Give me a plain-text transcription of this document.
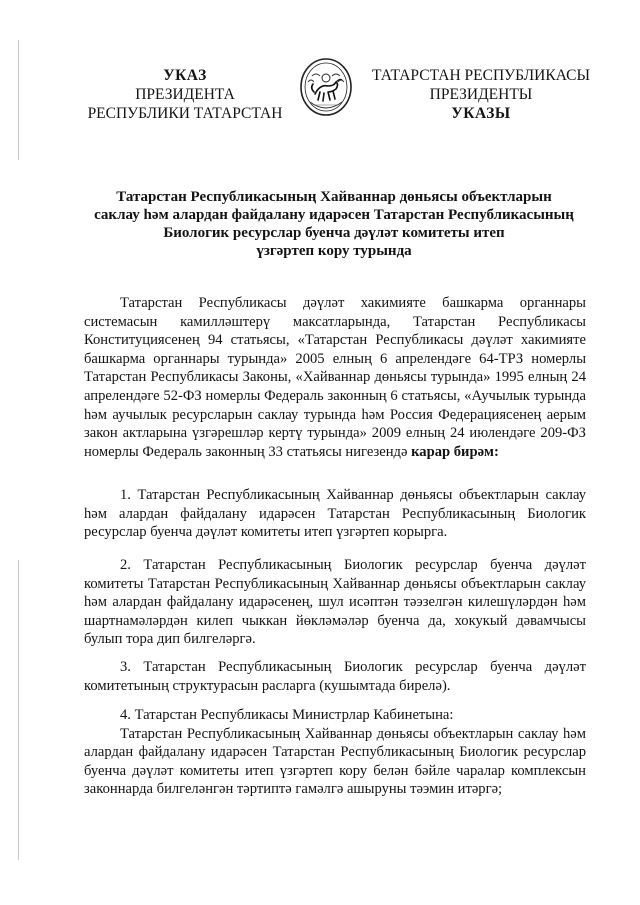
УКАЗ
ПРЕЗИДЕНТА
РЕСПУБЛИКИ ТАТАРСТАН
ТАТАРСТАН РЕСПУБЛИКАСЫ
ПРЕЗИДЕНТЫ
УКАЗЫ
Татарстан Республикасының Хайваннар дөньясы объектларын
саклау һәм алардан файдалану идарәсен Татарстан Республикасының
Биологик ресурслар буенча дәүләт комитеты итеп
үзгәртеп кору турында

Татарстан Республикасы дәүләт хакимияте башкарма органнары системасын камилләштерү максатларында, Татарстан Республикасы Конституциясенең 94 статьясы, «Татарстан Республикасы дәүләт хакимияте башкарма органнары турында» 2005 елның 6 апрелендәге 64-ТРЗ номерлы Татарстан Республикасы Законы, «Хайваннар дөньясы турында» 1995 елның 24 апрелендәге 52-ФЗ номерлы Федераль законның 6 статьясы, «Аучылык турында һәм аучылык ресурсларын саклау турында һәм Россия Федерациясенең аерым закон актларына үзгәрешләр кертү турында» 2009 елның 24 июлендәге 209-ФЗ номерлы Федераль законның 33 статьясы нигезендә карар бирәм:

1. Татарстан Республикасының Хайваннар дөньясы объектларын саклау һәм алардан файдалану идарәсен Татарстан Республикасының Биологик ресурслар буенча дәүләт комитеты итеп үзгәртеп корырга.

2. Татарстан Республикасының Биологик ресурслар буенча дәүләт комитеты Татарстан Республикасының Хайваннар дөньясы объектларын саклау һәм алардан файдалану идарәсенең, шул исәптән тәэзелгән килешүләрдән һәм шартнамәләрдән килеп чыккан йөкләмәләр буенча да, хокукый дәвамчысы булып тора дип билгеләргә.

3. Татарстан Республикасының Биологик ресурслар буенча дәүләт комитетының структурасын расларга (кушымтада бирелә).

4. Татарстан Республикасы Министрлар Кабинетына:

Татарстан Республикасының Хайваннар дөньясы объектларын саклау һәм алардан файдалану идарәсен Татарстан Республикасының Биологик ресурслар буенча дәүләт комитеты итеп үзгәртеп кору белән бәйле чаралар комплексын законнарда билгеләнгән тәртиптә гамәлгә ашыруны тәэмин итәргә;
